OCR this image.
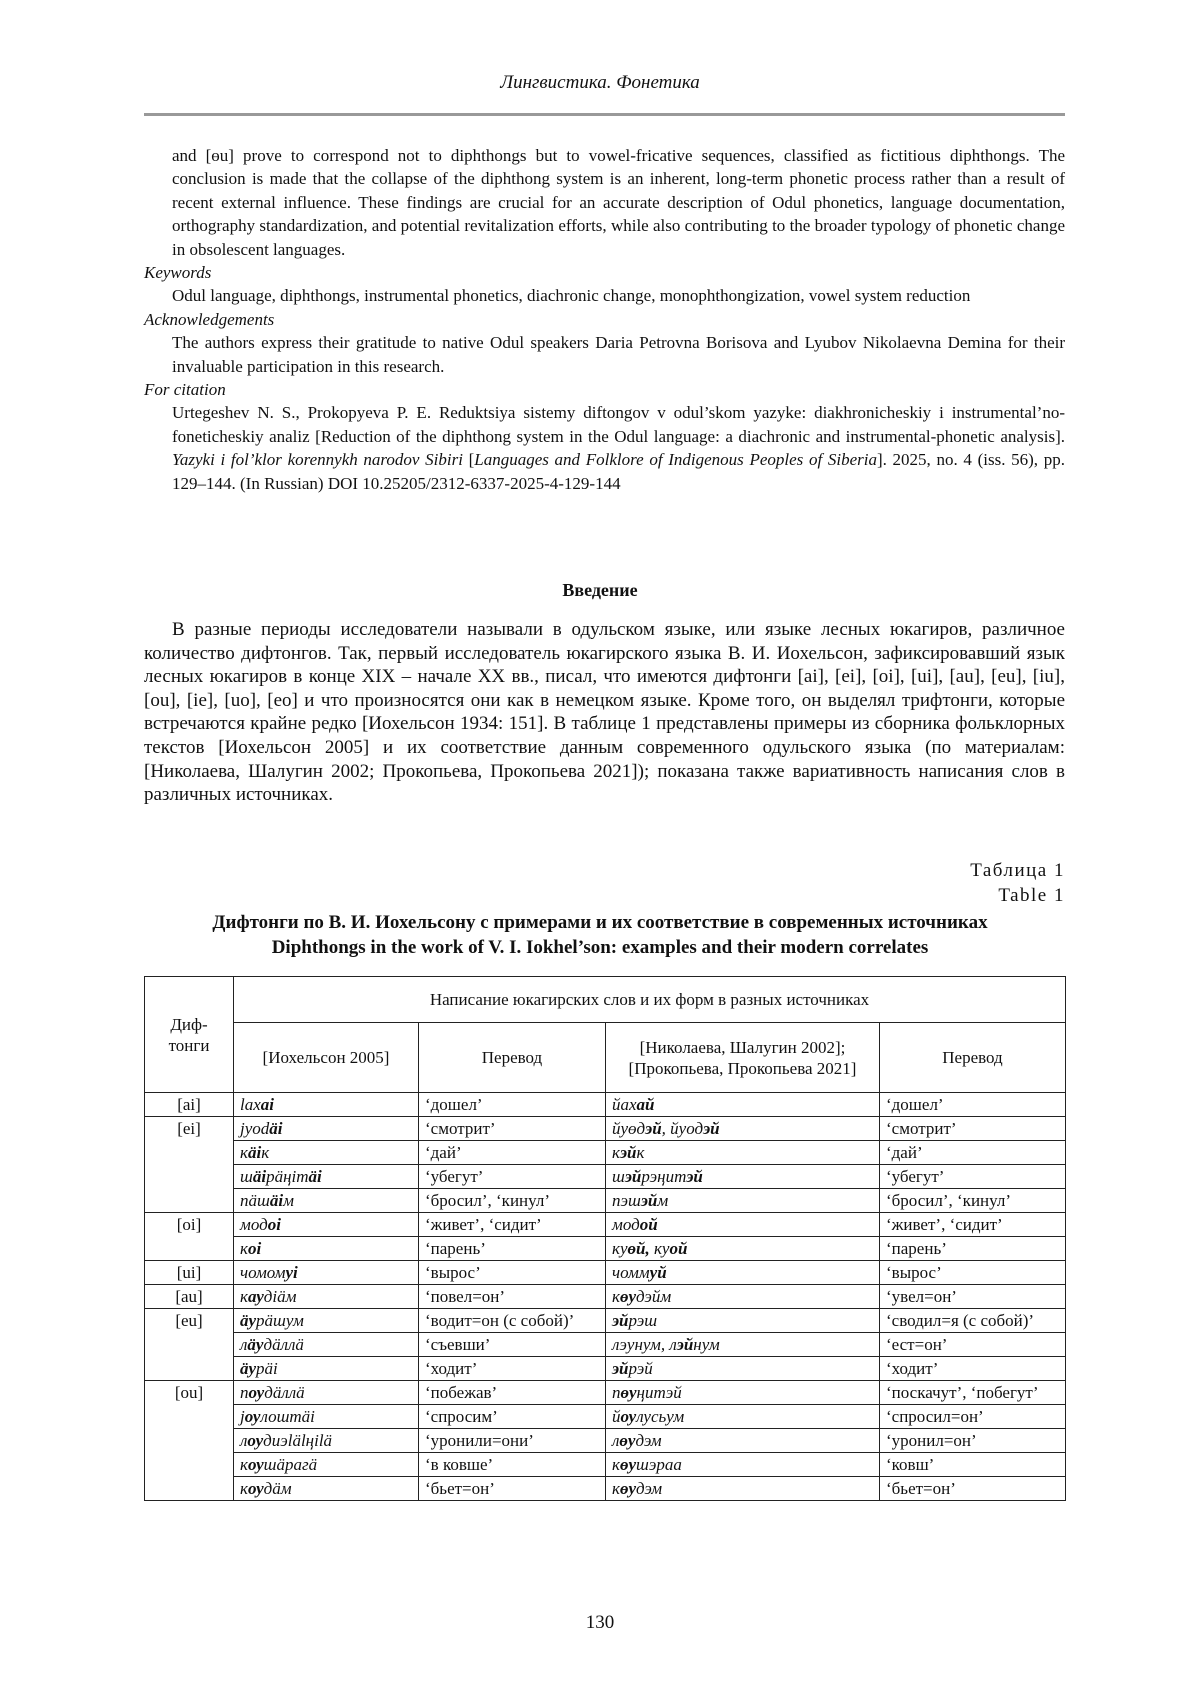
Лингвистика. Фонетика

and [өu] prove to correspond not to diphthongs but to vowel-fricative sequences, classified as fictitious diphthongs. The conclusion is made that the collapse of the diphthong system is an inherent, long-term phonetic process rather than a result of recent external influence. These findings are crucial for an accurate description of Odul phonetics, language documentation, orthography standardization, and potential revitalization efforts, while also contributing to the broader typology of phonetic change in obsolescent languages.

Keywords

Odul language, diphthongs, instrumental phonetics, diachronic change, monophthongization, vowel system reduction

Acknowledgements

The authors express their gratitude to native Odul speakers Daria Petrovna Borisova and Lyubov Nikolaevna Demina for their invaluable participation in this research.

For citation

Urtegeshev N. S., Prokopyeva P. E. Reduktsiya sistemy diftongov v odul’skom yazyke: diakhronicheskiy i instrumental’no-foneticheskiy analiz [Reduction of the diphthong system in the Odul language: a diachronic and instrumental-phonetic analysis]. Yazyki i fol’klor korennykh narodov Sibiri [Languages and Folklore of Indigenous Peoples of Siberia]. 2025, no. 4 (iss. 56), pp. 129–144. (In Russian) DOI 10.25205/2312-6337-2025-4-129-144

Введение

В разные периоды исследователи называли в одульском языке, или языке лесных юкагиров, различное количество дифтонгов. Так, первый исследователь юкагирского языка В. И. Иохельсон, зафиксировавший язык лесных юкагиров в конце XIX – начале XX вв., писал, что имеются дифтонги [ai], [ei], [oi], [ui], [au], [eu], [iu], [ou], [ie], [uo], [eo] и что произносятся они как в немецком языке. Кроме того, он выделял трифтонги, которые встречаются крайне редко [Иохельсон 1934: 151]. В таблице 1 представлены примеры из сборника фольклорных текстов [Иохельсон 2005] и их соответствие данным современного одульского языка (по материалам: [Николаева, Шалугин 2002; Прокопьева, Прокопьева 2021]); показана также вариативность написания слов в различных источниках.

Таблица 1
Table 1
Дифтонги по В. И. Иохельсону с примерами и их соответствие в современных источниках
Diphthongs in the work of V. I. Iokhel’son: examples and their modern correlates
Диф-тонги	Написание юкагирских слов и их форм в разных источниках			
	[Иохельсон 2005]	Перевод	[Николаева, Шалугин 2002]; [Прокопьева, Прокопьева 2021]	Перевод
[ai]	laxai	‘дошел’	йахай	‘дошел’
[ei]	jyodäi	‘смотрит’	йуөдэй, йуодэй	‘смотрит’
	кäiк	‘дай’	кэйк	‘дай’
	шäiрäңiтäi	‘убегут’	шэйрэңитэй	‘убегут’
	пäшäiм	‘бросил’, ‘кинул’	пэшэйм	‘бросил’, ‘кинул’
[oi]	модоi	‘живет’, ‘сидит’	модой	‘живет’, ‘сидит’
	коi	‘парень’	куөй, куой	‘парень’
[ui]	чомомуi	‘вырос’	чоммуй	‘вырос’
[au]	каудiäм	‘повел=он’	көудэйм	‘увел=он’
[eu]	äурäшум	‘водит=он (с собой)’	эйрэш	‘сводил=я (с собой)’
	лäудäллä	‘съевши’	лэунум, лэйнум	‘ест=он’
	äурäi	‘ходит’	эйрэй	‘ходит’
[ou]	поудäллä	‘побежав’	пөуңитэй	‘поскачут’, ‘побегут’
	jоулоштäi	‘спросим’	йоулусьум	‘спросил=он’
	лоудиэlälңilä	‘уронили=они’	лөудэм	‘уронил=он’
	коушäрагä	‘в ковше’	көушэраа	‘ковш’
	коудäм	‘бьет=он’	көудэм	‘бьет=он’
130
